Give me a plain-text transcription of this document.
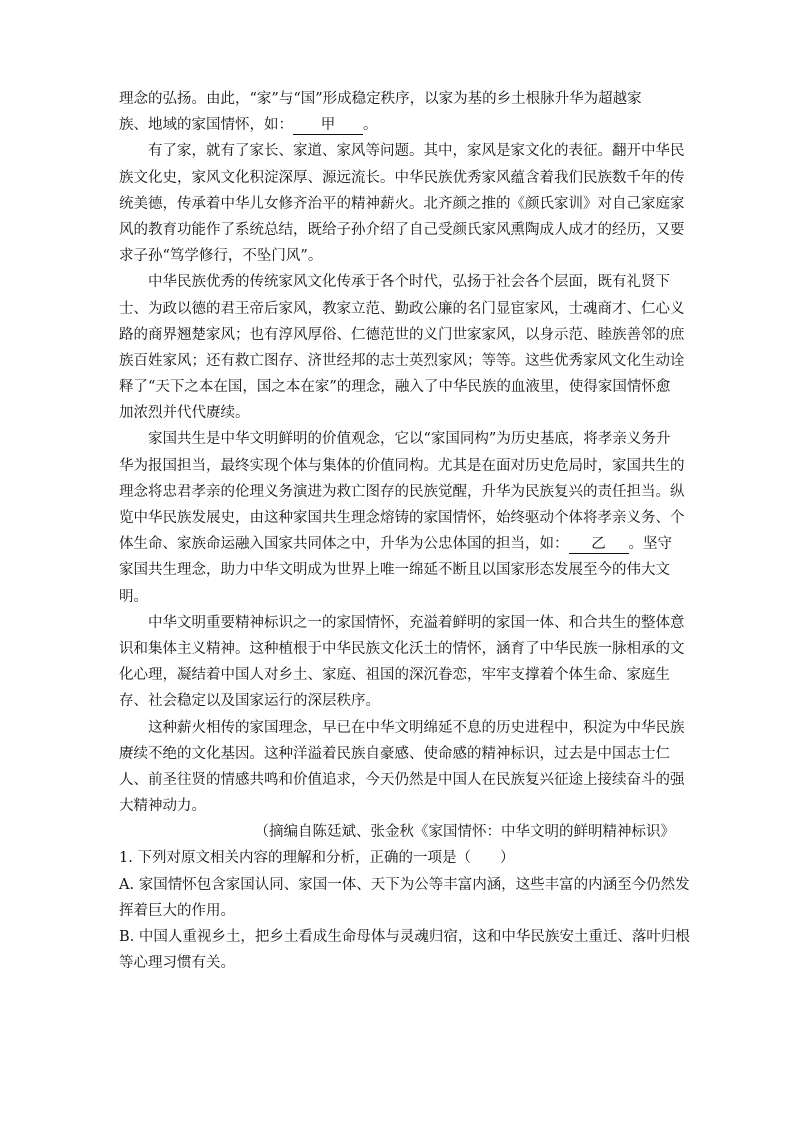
理念的弘扬。由此，“家”与“国”形成稳定秩序，以家为基的乡土根脉升华为超越家
族、地域的家国情怀，如： 甲 。
有了家，就有了家长、家道、家风等问题。其中，家风是家文化的表征。翻开中华民
族文化史，家风文化积淀深厚、源远流长。中华民族优秀家风蕴含着我们民族数千年的传
统美德，传承着中华儿女修齐治平的精神薪火。北齐颜之推的《颜氏家训》对自己家庭家
风的教育功能作了系统总结，既给子孙介绍了自己受颜氏家风熏陶成人成才的经历，又要
求子孙“笃学修行，不坠门风”。
中华民族优秀的传统家风文化传承于各个时代，弘扬于社会各个层面，既有礼贤下
士、为政以德的君王帝后家风，教家立范、勤政公廉的名门显宦家风，士魂商才、仁心义
路的商界翘楚家风；也有淳风厚俗、仁德范世的义门世家家风，以身示范、睦族善邻的庶
族百姓家风；还有救亡图存、济世经邦的志士英烈家风；等等。这些优秀家风文化生动诠
释了“天下之本在国，国之本在家”的理念，融入了中华民族的血液里，使得家国情怀愈
加浓烈并代代赓续。
家国共生是中华文明鲜明的价值观念，它以“家国同构”为历史基底，将孝亲义务升
华为报国担当，最终实现个体与集体的价值同构。尤其是在面对历史危局时，家国共生的
理念将忠君孝亲的伦理义务演进为救亡图存的民族觉醒，升华为民族复兴的责任担当。纵
览中华民族发展史，由这种家国共生理念熔铸的家国情怀，始终驱动个体将孝亲义务、个
体生命、家族命运融入国家共同体之中，升华为公忠体国的担当，如： 乙 。坚守
家国共生理念，助力中华文明成为世界上唯一绵延不断且以国家形态发展至今的伟大文
明。
中华文明重要精神标识之一的家国情怀，充溢着鲜明的家国一体、和合共生的整体意
识和集体主义精神。这种植根于中华民族文化沃土的情怀，涵育了中华民族一脉相承的文
化心理，凝结着中国人对乡土、家庭、祖国的深沉眷恋，牢牢支撑着个体生命、家庭生
存、社会稳定以及国家运行的深层秩序。
这种薪火相传的家国理念，早已在中华文明绵延不息的历史进程中，积淀为中华民族
赓续不绝的文化基因。这种洋溢着民族自豪感、使命感的精神标识，过去是中国志士仁
人、前圣往贤的情感共鸣和价值追求，今天仍然是中国人在民族复兴征途上接续奋斗的强
大精神动力。
（摘编自陈廷斌、张金秋《家国情怀：中华文明的鲜明精神标识》
1. 下列对原文相关内容的理解和分析，正确的一项是（　　）
A. 家国情怀包含家国认同、家国一体、天下为公等丰富内涵，这些丰富的内涵至今仍然发
挥着巨大的作用。
B. 中国人重视乡土，把乡土看成生命母体与灵魂归宿，这和中华民族安土重迁、落叶归根
等心理习惯有关。
